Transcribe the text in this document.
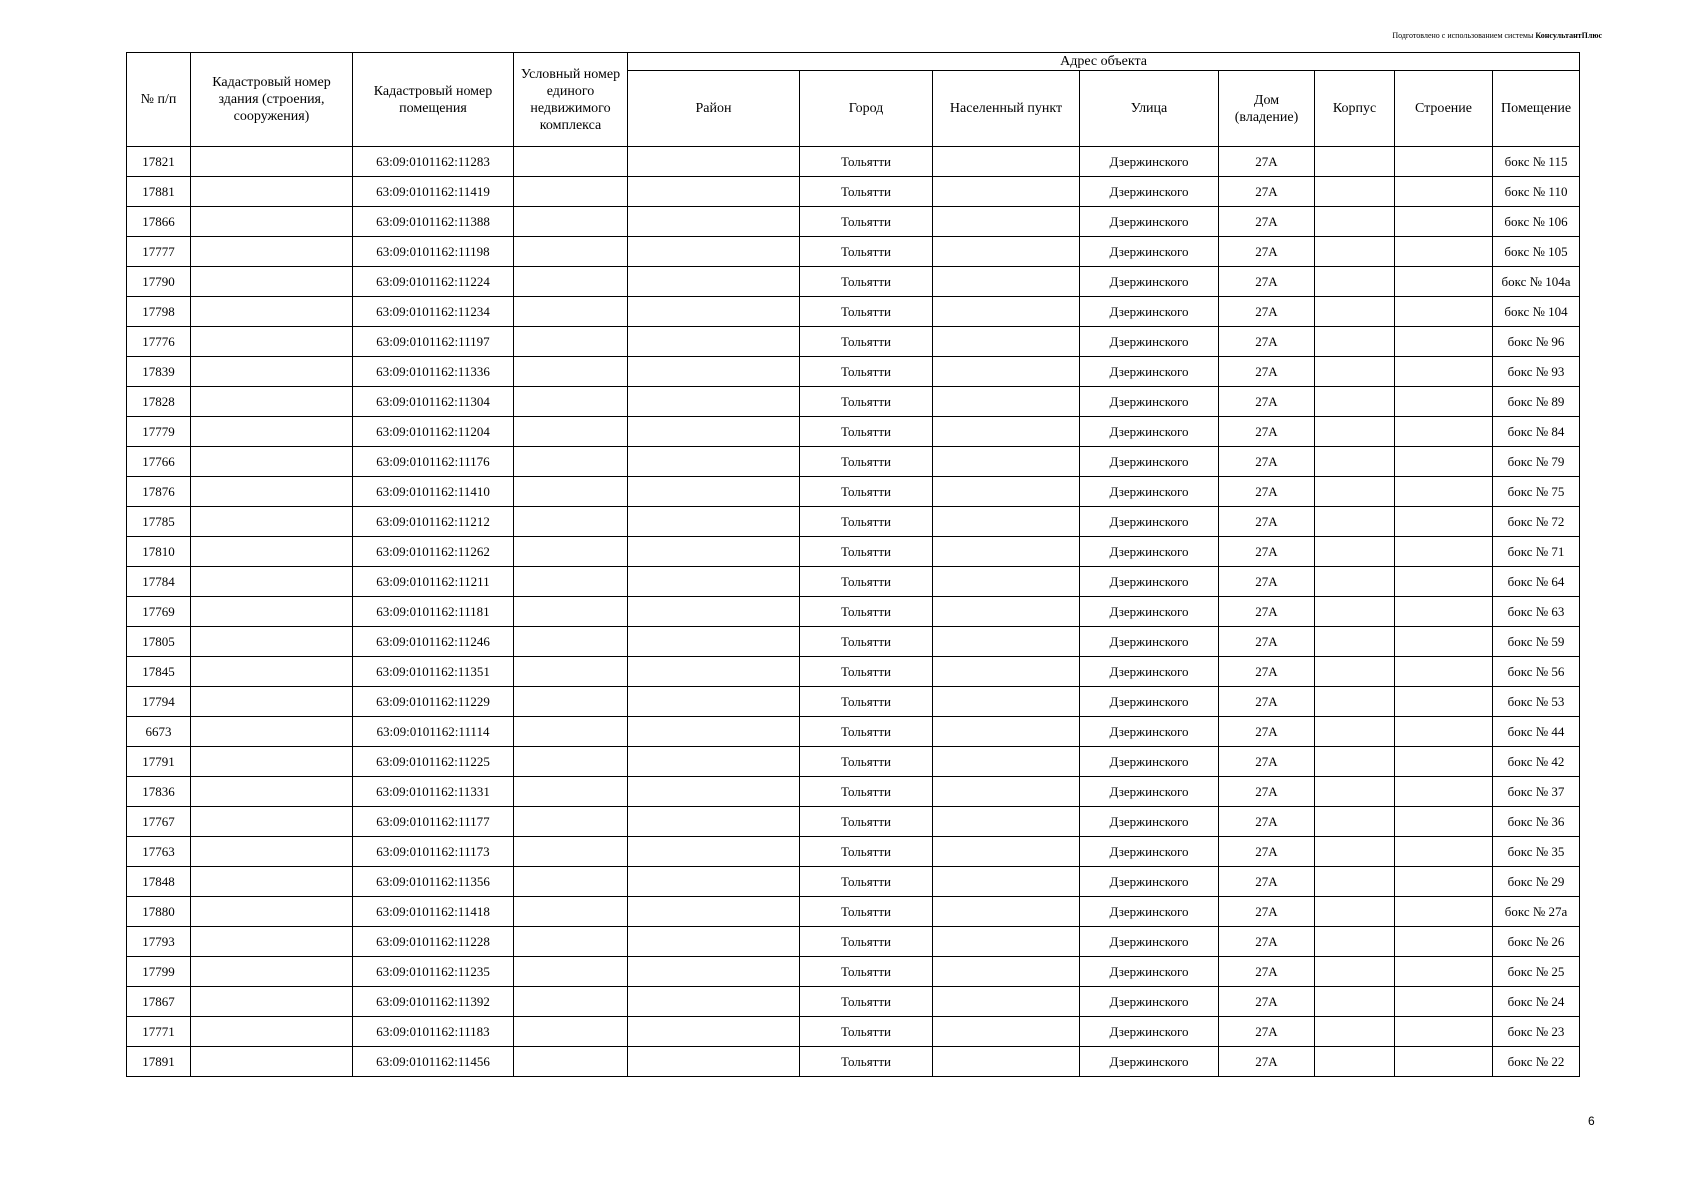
Подготовлено с использованием системы КонсультантПлюс
№ п/п	Кадастровый номер здания (строения, сооружения)	Кадастровый номер помещения	Условный номер единого недвижимого комплекса	Адрес объекта							
				Район	Город	Населенный пункт	Улица	Дом (владение)	Корпус	Строение	Помещение
17821		63:09:0101162:11283			Тольятти		Дзержинского	27А			бокс № 115
17881		63:09:0101162:11419			Тольятти		Дзержинского	27А			бокс № 110
17866		63:09:0101162:11388			Тольятти		Дзержинского	27А			бокс № 106
17777		63:09:0101162:11198			Тольятти		Дзержинского	27А			бокс № 105
17790		63:09:0101162:11224			Тольятти		Дзержинского	27А			бокс № 104а
17798		63:09:0101162:11234			Тольятти		Дзержинского	27А			бокс № 104
17776		63:09:0101162:11197			Тольятти		Дзержинского	27А			бокс № 96
17839		63:09:0101162:11336			Тольятти		Дзержинского	27А			бокс № 93
17828		63:09:0101162:11304			Тольятти		Дзержинского	27А			бокс № 89
17779		63:09:0101162:11204			Тольятти		Дзержинского	27А			бокс № 84
17766		63:09:0101162:11176			Тольятти		Дзержинского	27А			бокс № 79
17876		63:09:0101162:11410			Тольятти		Дзержинского	27А			бокс № 75
17785		63:09:0101162:11212			Тольятти		Дзержинского	27А			бокс № 72
17810		63:09:0101162:11262			Тольятти		Дзержинского	27А			бокс № 71
17784		63:09:0101162:11211			Тольятти		Дзержинского	27А			бокс № 64
17769		63:09:0101162:11181			Тольятти		Дзержинского	27А			бокс № 63
17805		63:09:0101162:11246			Тольятти		Дзержинского	27А			бокс № 59
17845		63:09:0101162:11351			Тольятти		Дзержинского	27А			бокс № 56
17794		63:09:0101162:11229			Тольятти		Дзержинского	27А			бокс № 53
6673		63:09:0101162:11114			Тольятти		Дзержинского	27А			бокс № 44
17791		63:09:0101162:11225			Тольятти		Дзержинского	27А			бокс № 42
17836		63:09:0101162:11331			Тольятти		Дзержинского	27А			бокс № 37
17767		63:09:0101162:11177			Тольятти		Дзержинского	27А			бокс № 36
17763		63:09:0101162:11173			Тольятти		Дзержинского	27А			бокс № 35
17848		63:09:0101162:11356			Тольятти		Дзержинского	27А			бокс № 29
17880		63:09:0101162:11418			Тольятти		Дзержинского	27А			бокс № 27а
17793		63:09:0101162:11228			Тольятти		Дзержинского	27А			бокс № 26
17799		63:09:0101162:11235			Тольятти		Дзержинского	27А			бокс № 25
17867		63:09:0101162:11392			Тольятти		Дзержинского	27А			бокс № 24
17771		63:09:0101162:11183			Тольятти		Дзержинского	27А			бокс № 23
17891		63:09:0101162:11456			Тольятти		Дзержинского	27А			бокс № 22
6
